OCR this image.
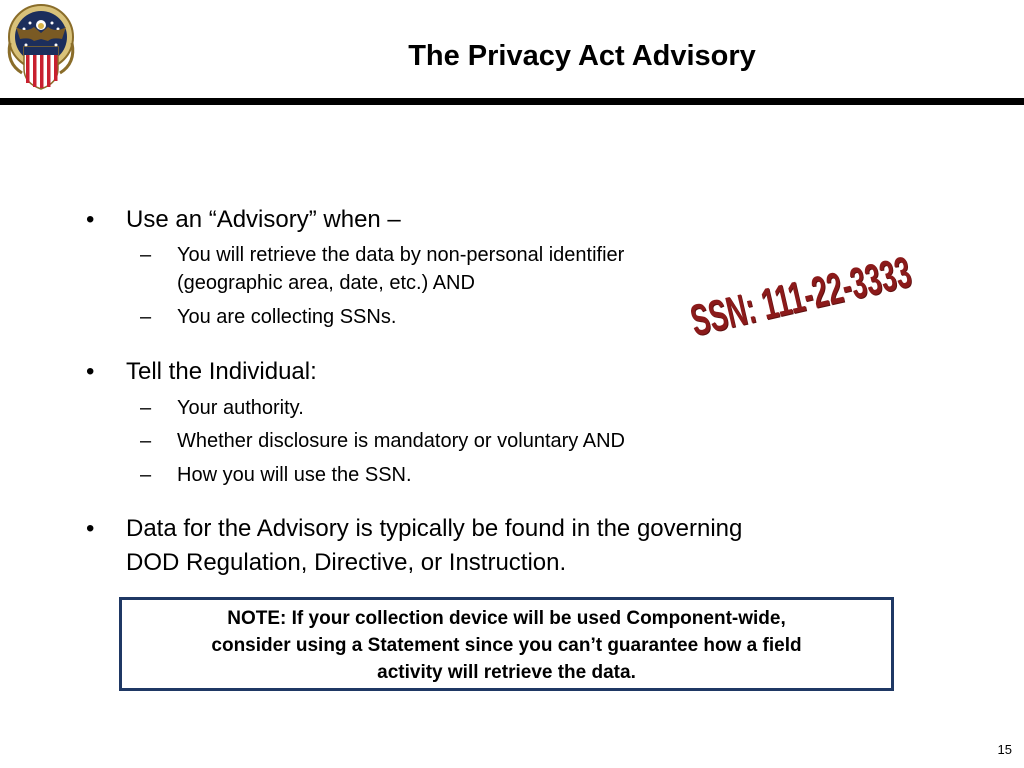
The Privacy Act Advisory
•	Use an “Advisory” when –
– You will retrieve the data by non-personal identifier
(geographic area, date, etc.) AND
– You are collecting SSNs.
•	Tell the Individual:
– Your authority.
– Whether disclosure is mandatory or voluntary AND
– How you will use the SSN.
•	Data for the Advisory is typically be found in the governing
DOD Regulation, Directive, or Instruction.
SSN: 111-22-3333
NOTE: If your collection device will be used Component-wide,
consider using a Statement since you can’t guarantee how a field
activity will retrieve the data.
15
